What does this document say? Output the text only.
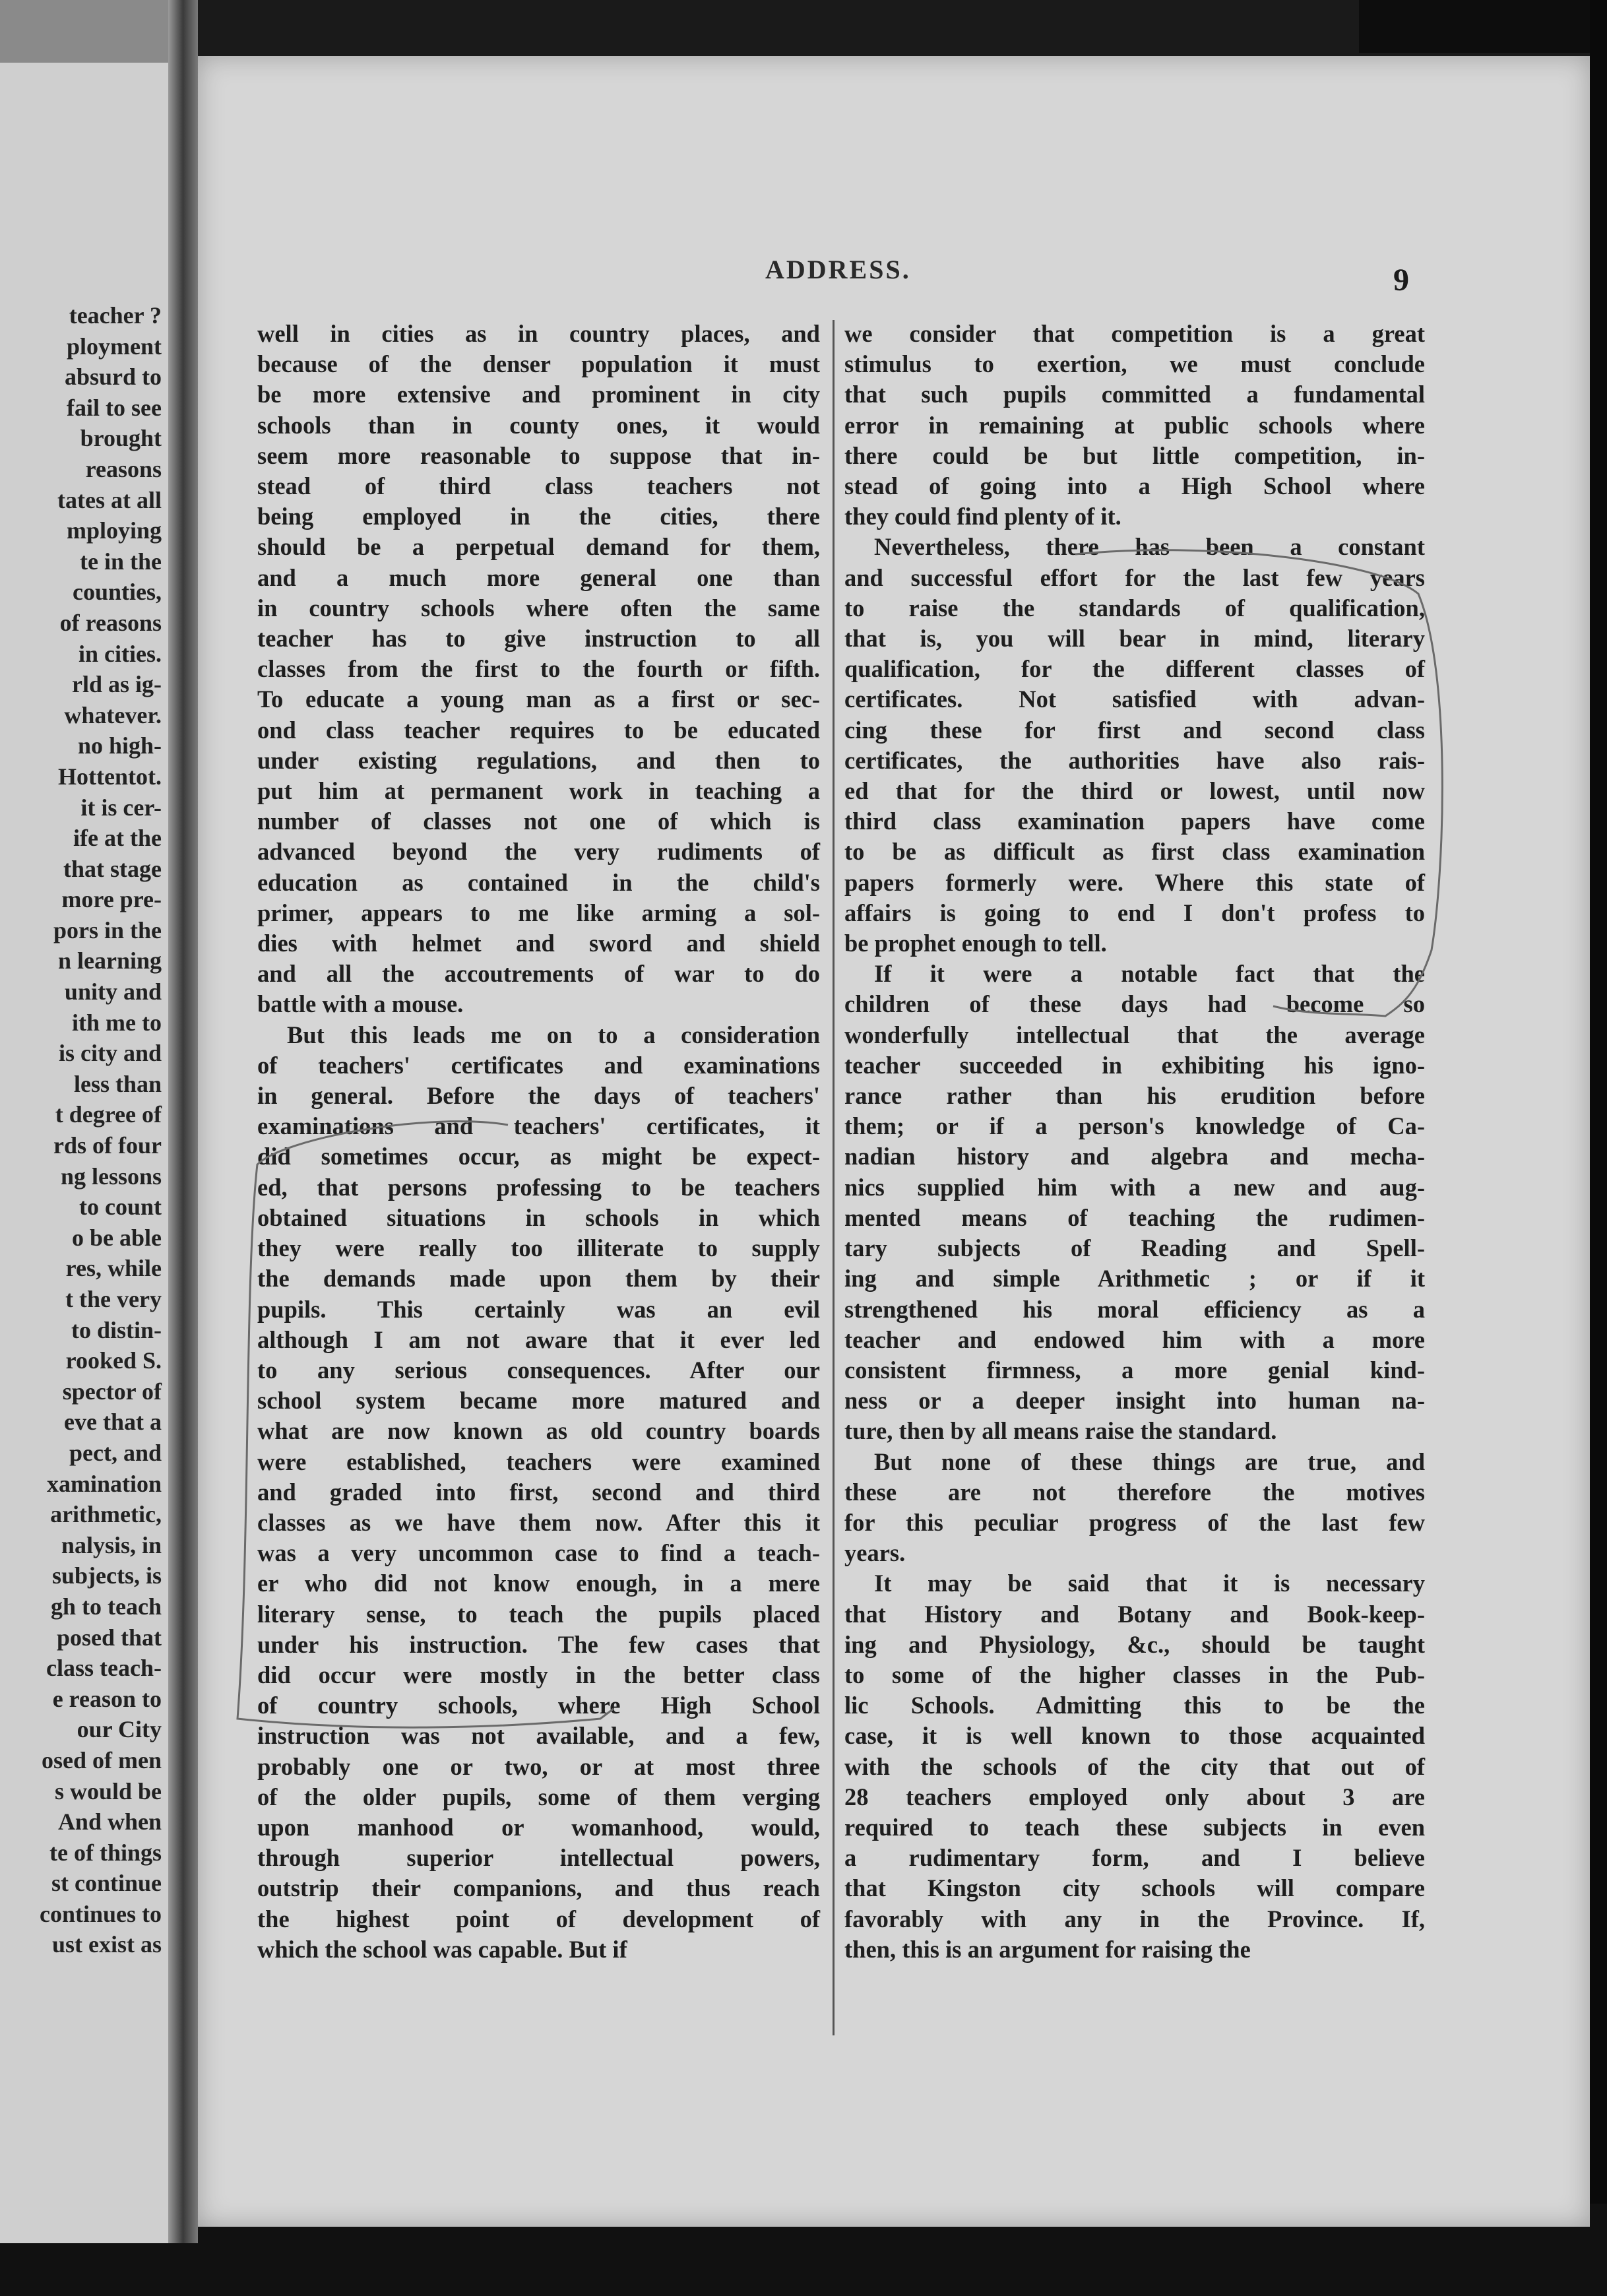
teacher ?
ployment
absurd to
fail to see
brought
reasons
tates at all
mploying
te in the
counties,
of reasons
in cities.
rld as ig-
whatever.
no high-
Hottentot.
it is cer-
ife at the
that stage
more pre-
pors in the
n learning
unity and
ith me to
is city and
less than
t degree of
rds of four
ng lessons
to count
o be able
res, while
t the very
to distin-
rooked S.
spector of
eve that a
pect, and
xamination
arithmetic,
nalysis, in
subjects, is
gh to teach
posed that
class teach-
e reason to
our City
osed of men
s would be
And when
te of things
st continue
continues to
ust exist as
ADDRESS.	9
well in cities as in country places, and
because of the denser population it must
be more extensive and prominent in city
schools than in county ones, it would
seem more reasonable to suppose that in-
stead of third class teachers not
being employed in the cities, there
should be a perpetual demand for them,
and a much more general one than
in country schools where often the same
teacher has to give instruction to all
classes from the first to the fourth or fifth.
To educate a young man as a first or sec-
ond class teacher requires to be educated
under existing regulations, and then to
put him at permanent work in teaching a
number of classes not one of which is
advanced beyond the very rudiments of
education as contained in the child's
primer, appears to me like arming a sol-
dies with helmet and sword and shield
and all the accoutrements of war to do
battle with a mouse.
But this leads me on to a consideration
of teachers' certificates and examinations
in general. Before the days of teachers'
examinations and teachers' certificates, it
did sometimes occur, as might be expect-
ed, that persons professing to be teachers
obtained situations in schools in which
they were really too illiterate to supply
the demands made upon them by their
pupils. This certainly was an evil
although I am not aware that it ever led
to any serious consequences. After our
school system became more matured and
what are now known as old country boards
were established, teachers were examined
and graded into first, second and third
classes as we have them now. After this it
was a very uncommon case to find a teach-
er who did not know enough, in a mere
literary sense, to teach the pupils placed
under his instruction. The few cases that
did occur were mostly in the better class
of country schools, where High School
instruction was not available, and a few,
probably one or two, or at most three
of the older pupils, some of them verging
upon manhood or womanhood, would,
through superior intellectual powers,
outstrip their companions, and thus reach
the highest point of development of
which the school was capable. But if
we consider that competition is a great
stimulus to exertion, we must conclude
that such pupils committed a fundamental
error in remaining at public schools where
there could be but little competition, in-
stead of going into a High School where
they could find plenty of it.
Nevertheless, there has been a constant
and successful effort for the last few years
to raise the standards of qualification,
that is, you will bear in mind, literary
qualification, for the different classes of
certificates. Not satisfied with advan-
cing these for first and second class
certificates, the authorities have also rais-
ed that for the third or lowest, until now
third class examination papers have come
to be as difficult as first class examination
papers formerly were. Where this state of
affairs is going to end I don't profess to
be prophet enough to tell.
If it were a notable fact that the
children of these days had become so
wonderfully intellectual that the average
teacher succeeded in exhibiting his igno-
rance rather than his erudition before
them; or if a person's knowledge of Ca-
nadian history and algebra and mecha-
nics supplied him with a new and aug-
mented means of teaching the rudimen-
tary subjects of Reading and Spell-
ing and simple Arithmetic ; or if it
strengthened his moral efficiency as a
teacher and endowed him with a more
consistent firmness, a more genial kind-
ness or a deeper insight into human na-
ture, then by all means raise the standard.
But none of these things are true, and
these are not therefore the motives
for this peculiar progress of the last few
years.
It may be said that it is necessary
that History and Botany and Book-keep-
ing and Physiology, &c., should be taught
to some of the higher classes in the Pub-
lic Schools. Admitting this to be the
case, it is well known to those acquainted
with the schools of the city that out of
28 teachers employed only about 3 are
required to teach these subjects in even
a rudimentary form, and I believe
that Kingston city schools will compare
favorably with any in the Province. If,
then, this is an argument for raising the
